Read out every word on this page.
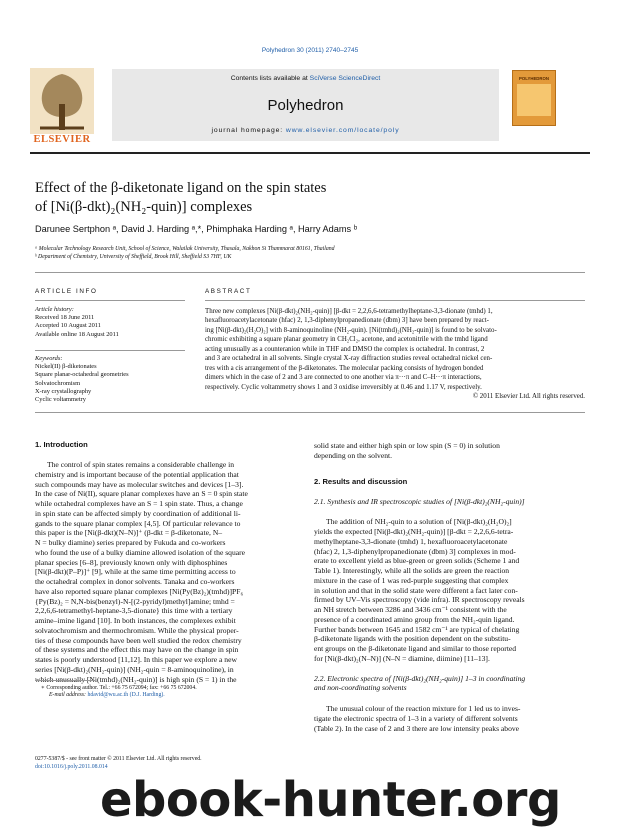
Polyhedron 30 (2011) 2740–2745
ELSEVIER
Contents lists available at SciVerse ScienceDirect
Polyhedron
journal homepage: www.elsevier.com/locate/poly
POLYHEDRON
Effect of the β-diketonate ligand on the spin states
of [Ni(β-dkt)₂(NH₂-quin)] complexes
Darunee Sertphon ᵃ, David J. Harding ᵃ,*, Phimphaka Harding ᵃ, Harry Adams ᵇ
ᵃ Molecular Technology Research Unit, School of Science, Walailak University, Thasala, Nakhon Si Thammarat 80161, Thailand
ᵇ Department of Chemistry, University of Sheffield, Brook Hill, Sheffield S3 7HF, UK
ARTICLE INFO
Article history:
Received 18 June 2011
Accepted 10 August 2011
Available online 18 August 2011
Keywords:
Nickel(II) β-diketonates
Square planar-octahedral geometries
Solvatochromism
X-ray crystallography
Cyclic voltammetry
ABSTRACT
Three new complexes [Ni(β-dkt)₂(NH₂-quin)] [β-dkt = 2,2,6,6-tetramethylheptane-3,3-dionate (tmhd) 1,
hexafluoroacetylacetonate (hfac) 2, 1,3-diphenylpropanedionate (dbm) 3] have been prepared by react-
ing [Ni(β-dkt)₂(H₂O)₂] with 8-aminoquinoline (NH₂-quin). [Ni(tmhd)₂(NH₂-quin)] is found to be solvato-
chromic exhibiting a square planar geometry in CH₂Cl₂, acetone, and acetonitrile with the tmhd ligand
acting unusually as a counteranion while in THF and DMSO the complex is octahedral. In contrast, 2
and 3 are octahedral in all solvents. Single crystal X-ray diffraction studies reveal octahedral nickel cen-
tres with a cis arrangement of the β-diketonates. The molecular packing consists of hydrogen bonded
dimers which in the case of 2 and 3 are connected to one another via π···π and C–H···π interactions,
respectively. Cyclic voltammetry shows 1 and 3 oxidise irreversibly at 0.46 and 1.17 V, respectively.
© 2011 Elsevier Ltd. All rights reserved.
1. Introduction
The control of spin states remains a considerable challenge in
chemistry and is important because of the potential application that
such compounds may have as molecular switches and devices [1–3].
In the case of Ni(II), square planar complexes have an S = 0 spin state
while octahedral complexes have an S = 1 spin state. Thus, a change
in spin state can be affected simply by coordination of additional li-
gands to the square planar complex [4,5]. Of particular relevance to
this paper is the [Ni(β-dkt)(N–N)]⁺ (β-dkt = β-diketonate, N–
N = bulky diamine) series prepared by Fukuda and co-workers
who found the use of a bulky diamine allowed isolation of the square
planar species [6–8], previously known only with diphosphines
[Ni(β-dkt)(P–P)]⁺ [9], while at the same time permitting access to
the octahedral complex in donor solvents. Tanaka and co-workers
have also reported square planar complexes [Ni(Py(Bz)₂)(tmhd)]PF₆
{Py(Bz)₂ = N,N-bis(benzyl)-N-[(2-pyridyl)methyl]amine; tmhd =
2,2,6,6-tetramethyl-heptane-3,5-dionate} this time with a tertiary
amine–imine ligand [10]. In both instances, the complexes exhibit
solvatochromism and thermochromism. While the physical proper-
ties of these compounds have been well studied the redox chemistry
of these systems and the effect this may have on the change in spin
states is poorly understood [11,12]. In this paper we explore a new
series [Ni(β-dkt)₂(NH₂-quin)] (NH₂-quin = 8-aminoquinoline), in
which unusually [Ni(tmhd)₂(NH₂-quin)] is high spin (S = 1) in the
solid state and either high spin or low spin (S = 0) in solution
depending on the solvent.
2. Results and discussion
2.1. Synthesis and IR spectroscopic studies of [Ni(β-dkt)₂(NH₂-quin)]
The addition of NH₂-quin to a solution of [Ni(β-dkt)₂(H₂O)₂]
yields the expected [Ni(β-dkt)₂(NH₂-quin)] [β-dkt = 2,2,6,6-tetra-
methylheptane-3,3-dionate (tmhd) 1, hexafluoroacetylacetonate
(hfac) 2, 1,3-diphenylpropanedionate (dbm) 3] complexes in mod-
erate to excellent yield as blue-green or green solids (Scheme 1 and
Table 1). Interestingly, while all the solids are green the reaction
mixture in the case of 1 was red-purple suggesting that complex
in solution and that in the solid state were different a fact later con-
firmed by UV–Vis spectroscopy (vide infra). IR spectroscopy reveals
an NH stretch between 3286 and 3436 cm⁻¹ consistent with the
presence of a coordinated amino group from the NH₂-quin ligand.
Further bands between 1645 and 1582 cm⁻¹ are typical of chelating
β-diketonate ligands with the position dependent on the substitu-
ent groups on the β-diketonate ligand and similar to those reported
for [Ni(β-dkt)₂(N–N)] (N–N = diamine, diimine) [11–13].
2.2. Electronic spectra of [Ni(β-dkt)₂(NH₂-quin)] 1–3 in coordinating
and non-coordinating solvents
The unusual colour of the reaction mixture for 1 led us to inves-
tigate the electronic spectra of 1–3 in a variety of different solvents
(Table 2). In the case of 2 and 3 there are low intensity peaks above
∗ Corresponding author. Tel.: +66 75 672094; fax: +66 75 672004.
E-mail address: hdavid@wu.ac.th (D.J. Harding).
0277-5387/$ - see front matter © 2011 Elsevier Ltd. All rights reserved.
doi:10.1016/j.poly.2011.08.014
ebook-hunter.org
